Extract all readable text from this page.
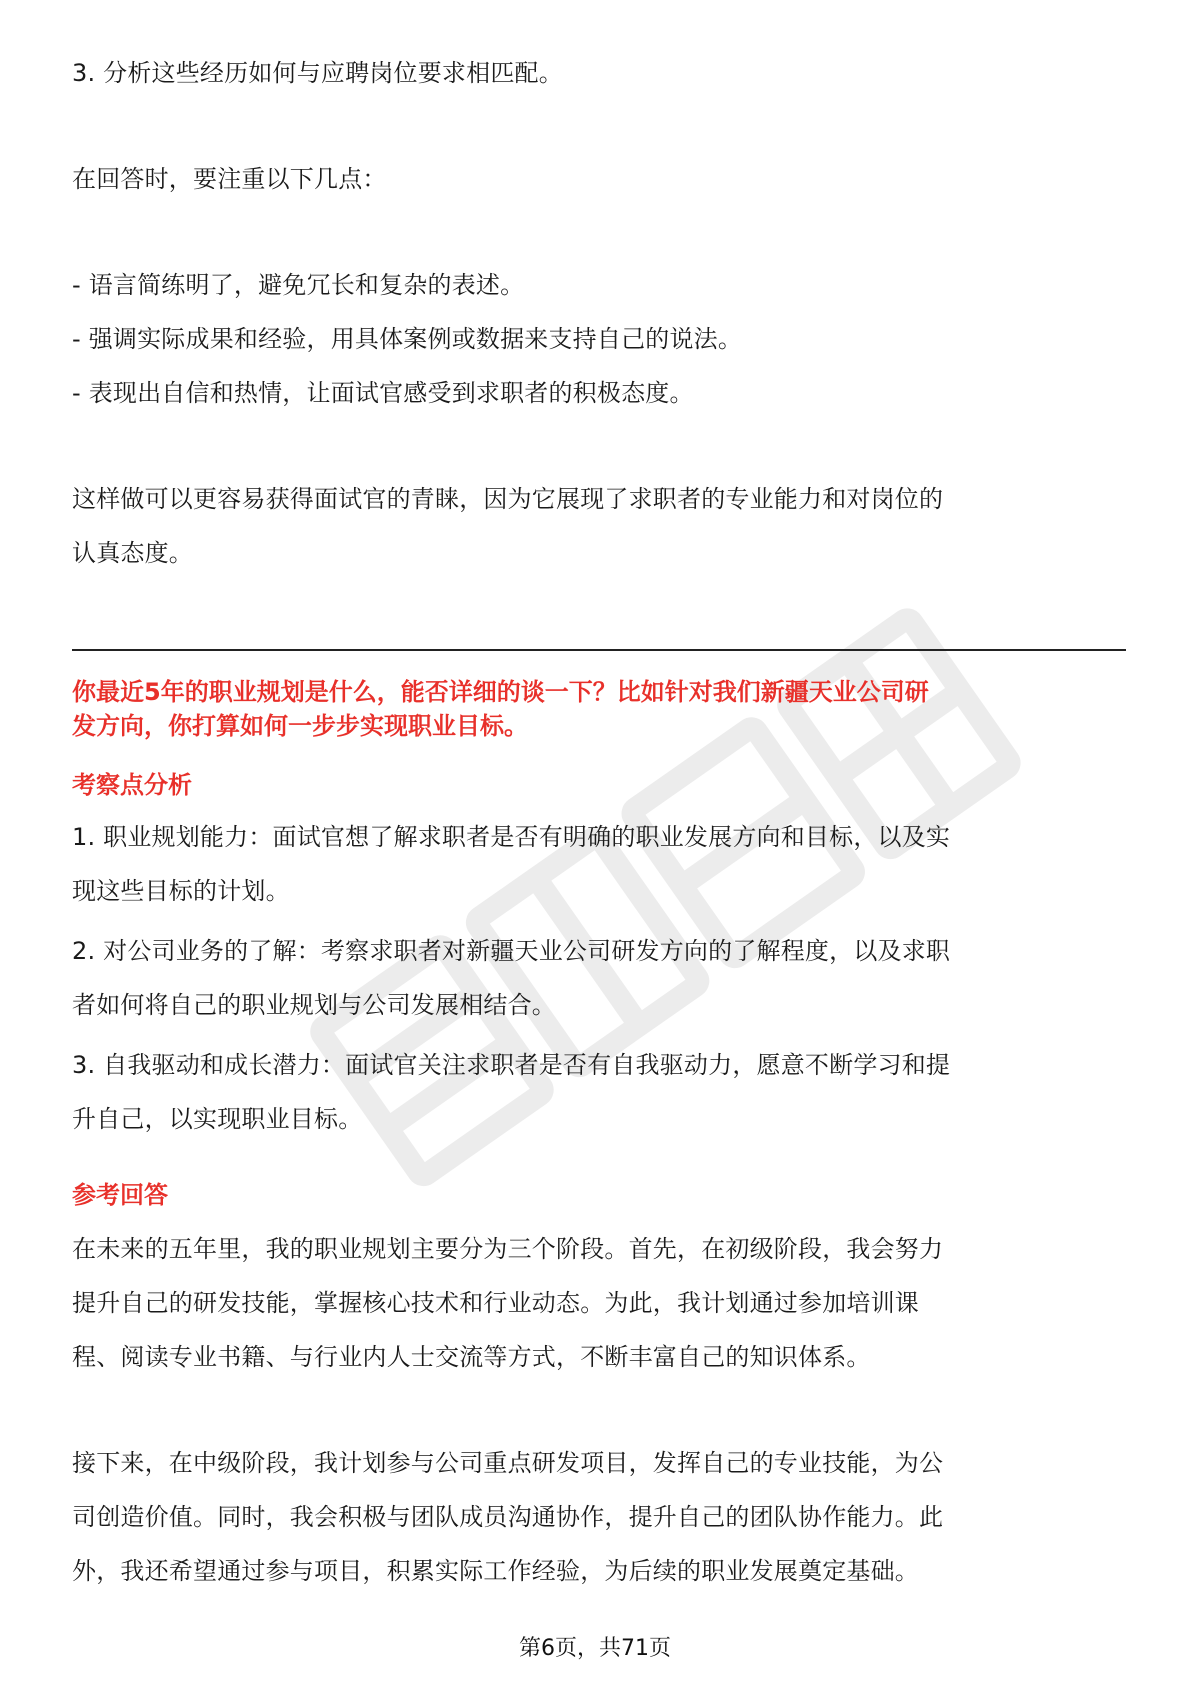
3. 分析这些经历如何与应聘岗位要求相匹配。
在回答时，要注重以下几点：
- 语言简练明了，避免冗长和复杂的表述。
- 强调实际成果和经验，用具体案例或数据来支持自己的说法。
- 表现出自信和热情，让面试官感受到求职者的积极态度。
这样做可以更容易获得面试官的青睐，因为它展现了求职者的专业能力和对岗位的
认真态度。
你最近5年的职业规划是什么，能否详细的谈一下？比如针对我们新疆天业公司研
发方向，你打算如何一步步实现职业目标。
考察点分析
1. 职业规划能力：面试官想了解求职者是否有明确的职业发展方向和目标，以及实
现这些目标的计划。
2. 对公司业务的了解：考察求职者对新疆天业公司研发方向的了解程度，以及求职
者如何将自己的职业规划与公司发展相结合。
3. 自我驱动和成长潜力：面试官关注求职者是否有自我驱动力，愿意不断学习和提
升自己，以实现职业目标。
参考回答
在未来的五年里，我的职业规划主要分为三个阶段。首先，在初级阶段，我会努力
提升自己的研发技能，掌握核心技术和行业动态。为此，我计划通过参加培训课
程、阅读专业书籍、与行业内人士交流等方式，不断丰富自己的知识体系。
接下来，在中级阶段，我计划参与公司重点研发项目，发挥自己的专业技能，为公
司创造价值。同时，我会积极与团队成员沟通协作，提升自己的团队协作能力。此
外，我还希望通过参与项目，积累实际工作经验，为后续的职业发展奠定基础。
第6页，共71页
